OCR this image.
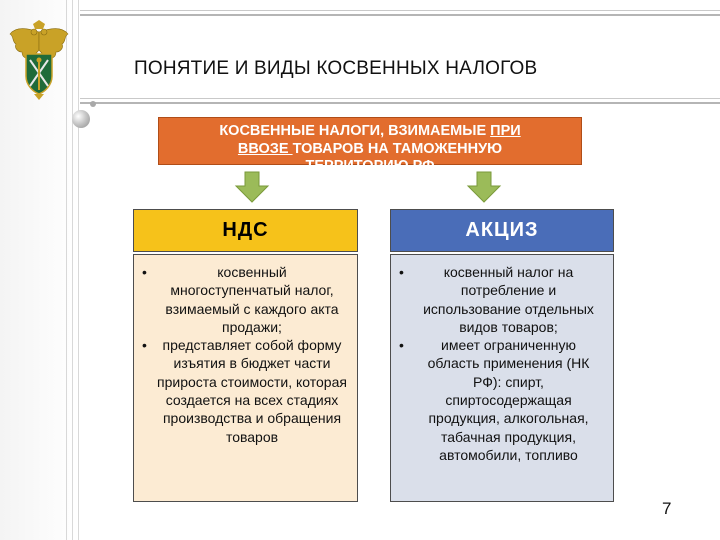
ПОНЯТИЕ И ВИДЫ КОСВЕННЫХ НАЛОГОВ
КОСВЕННЫЕ НАЛОГИ, ВЗИМАЕМЫЕ ПРИ
ВВОЗЕ ТОВАРОВ НА ТАМОЖЕННУЮ
ТЕРРИТОРИЮ РФ
НДС
•	косвенный многоступенчатый налог, взимаемый с каждого акта продажи;
• представляет собой форму изъятия в бюджет части прироста стоимости, которая создается на всех стадиях производства и обращения товаров
АКЦИЗ
•	косвенный налог на потребление и использование отдельных видов товаров;
•	имеет ограниченную область применения (НК РФ): спирт, спиртосодержащая продукция, алкогольная, табачная продукция, автомобили, топливо
7
